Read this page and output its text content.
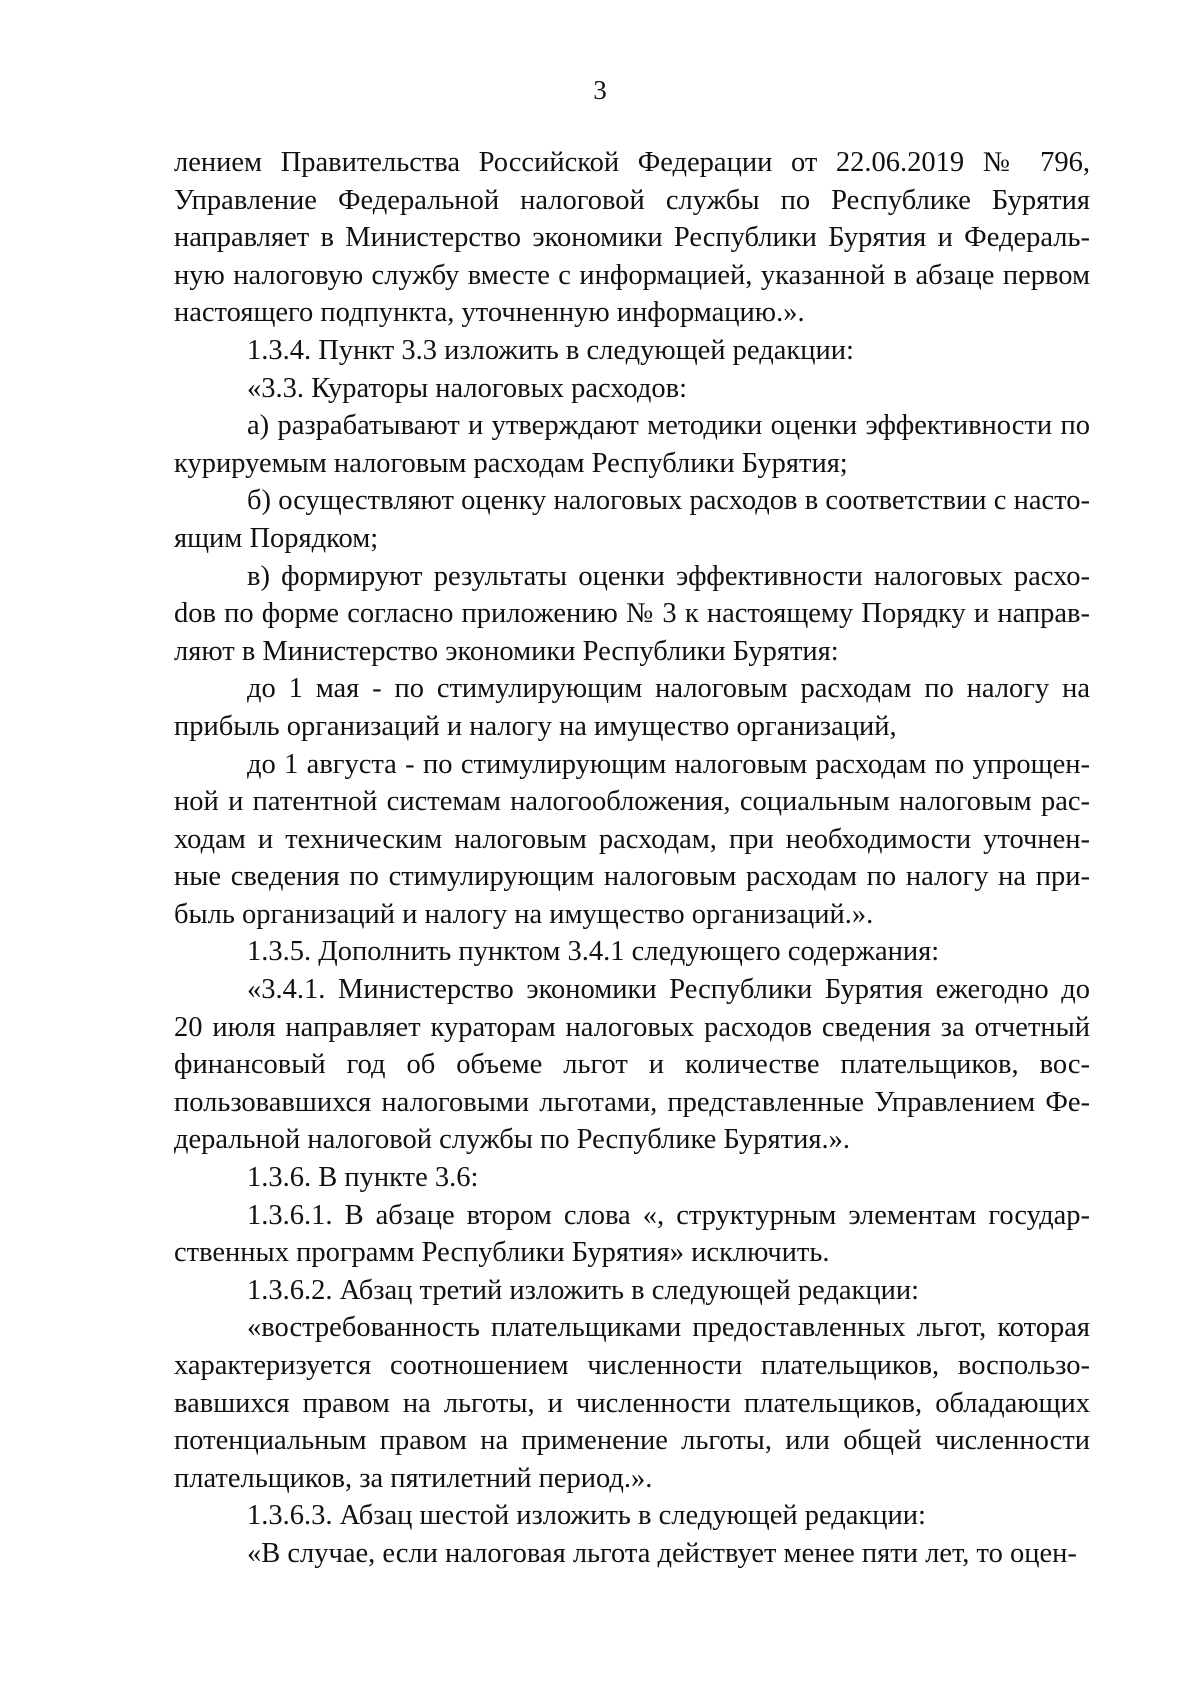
3

лением Правительства Российской Федерации от 22.06.2019 № 796, Управление Федеральной налоговой службы по Республике Бурятия направляет в Министерство экономики Республики Бурятия и Федеральную налоговую службу вместе с информацией, указанной в абзаце первом настоящего подпункта, уточненную информацию.».

1.3.4. Пункт 3.3 изложить в следующей редакции:

«3.3. Кураторы налоговых расходов:

а) разрабатывают и утверждают методики оценки эффективности по курируемым налоговым расходам Республики Бурятия;

б) осуществляют оценку налоговых расходов в соответствии с настоящим Порядком;

в) формируют результаты оценки эффективности налоговых расхоdов по форме согласно приложению № 3 к настоящему Порядку и направляют в Министерство экономики Республики Бурятия:

до 1 мая - по стимулирующим налоговым расходам по налогу на прибыль организаций и налогу на имущество организаций,

до 1 августа - по стимулирующим налоговым расходам по упрощенной и патентной системам налогообложения, социальным налоговым расходам и техническим налоговым расходам, при необходимости уточненные сведения по стимулирующим налоговым расходам по налогу на прибыль организаций и налогу на имущество организаций.».

1.3.5. Дополнить пунктом 3.4.1 следующего содержания:

«3.4.1. Министерство экономики Республики Бурятия ежегодно до 20 июля направляет кураторам налоговых расходов сведения за отчетный финансовый год об объеме льгот и количестве плательщиков, воспользовавшихся налоговыми льготами, представленные Управлением Федеральной налоговой службы по Республике Бурятия.».

1.3.6. В пункте 3.6:

1.3.6.1. В абзаце втором слова «, структурным элементам государственных программ Республики Бурятия» исключить.

1.3.6.2. Абзац третий изложить в следующей редакции:

«востребованность плательщиками предоставленных льгот, которая характеризуется соотношением численности плательщиков, воспользовавшихся правом на льготы, и численности плательщиков, обладающих потенциальным правом на применение льготы, или общей численности плательщиков, за пятилетний период.».

1.3.6.3. Абзац шестой изложить в следующей редакции:

«В случае, если налоговая льгота действует менее пяти лет, то оцен-
